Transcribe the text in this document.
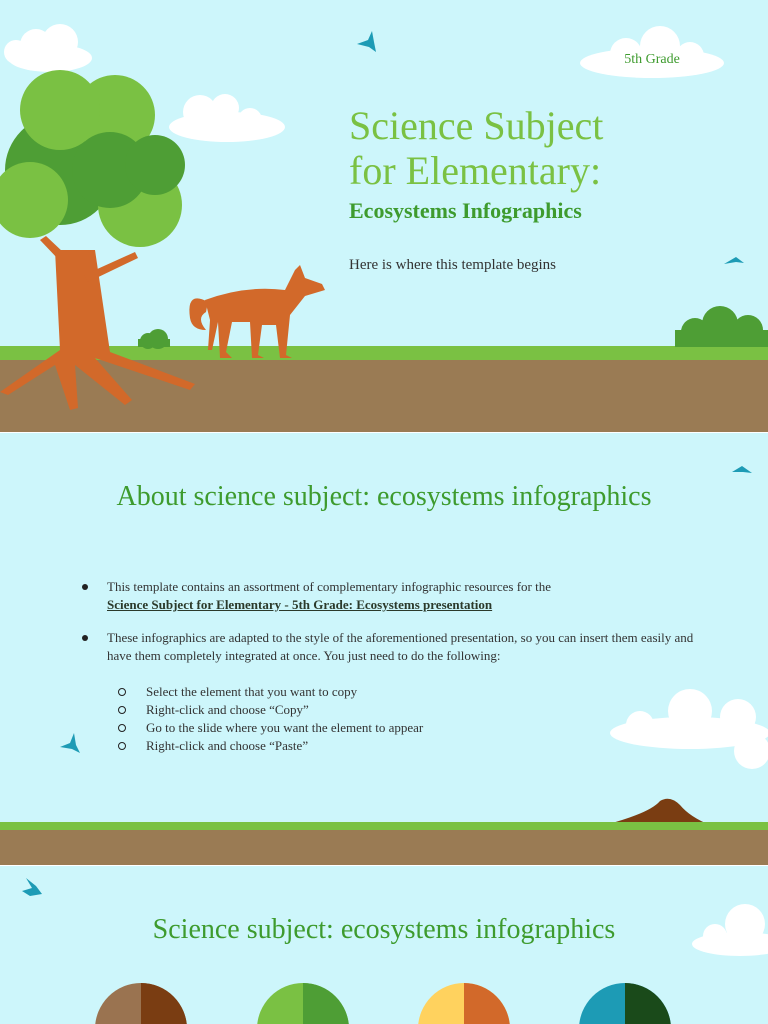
5th Grade
Science Subject
for Elementary:
Ecosystems Infographics

Here is where this template begins

About science subject: ecosystems infographics
This template contains an assortment of complementary infographic resources for the
Science Subject for Elementary - 5th Grade: Ecosystems presentation
These infographics are adapted to the style of the aforementioned presentation, so you can insert them easily and have them completely integrated at once. You just need to do the following:
Select the element that you want to copy
Right-click and choose “Copy”
Go to the slide where you want the element to appear
Right-click and choose “Paste”
Science subject: ecosystems infographics
